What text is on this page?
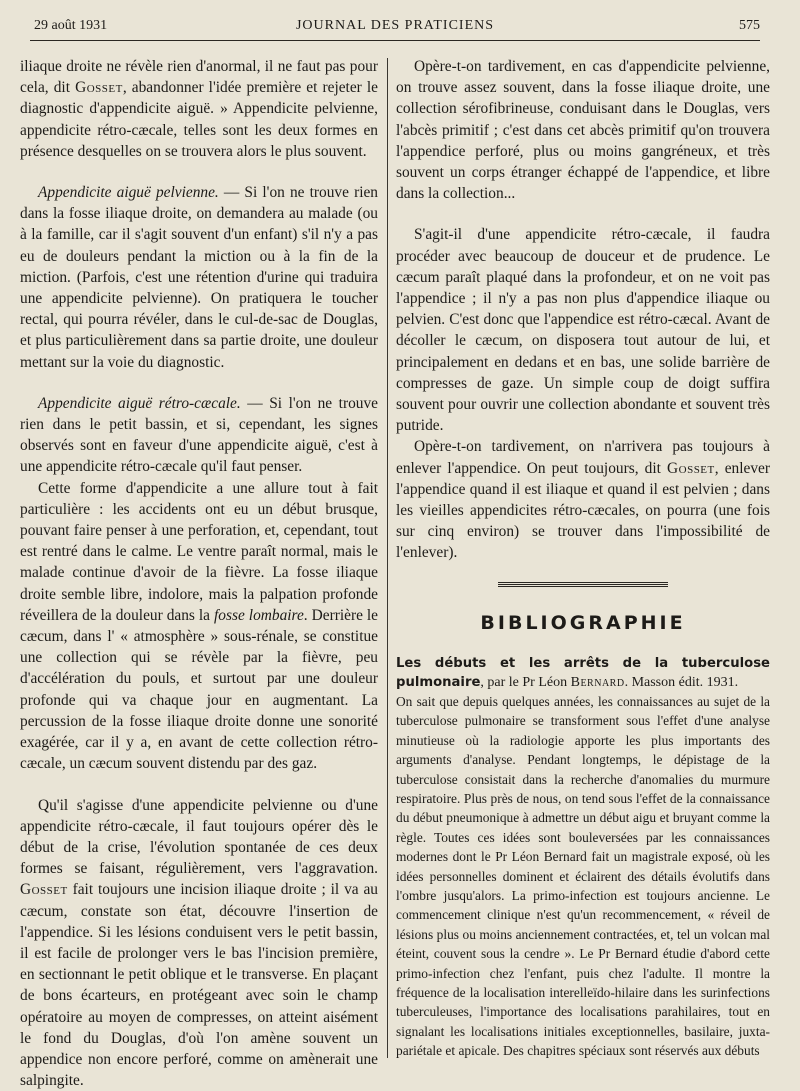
29 août 1931	JOURNAL DES PRATICIENS	575

iliaque droite ne révèle rien d'anormal, il ne faut pas pour cela, dit Gosset, abandonner l'idée première et rejeter le diagnostic d'appendicite aiguë. » Appendicite pelvienne, appendicite rétro-cæcale, telles sont les deux formes en présence desquelles on se trouvera alors le plus souvent.

Appendicite aiguë pelvienne. — Si l'on ne trouve rien dans la fosse iliaque droite, on demandera au malade (ou à la famille, car il s'agit souvent d'un enfant) s'il n'y a pas eu de douleurs pendant la miction ou à la fin de la miction. (Parfois, c'est une rétention d'urine qui traduira une appendicite pelvienne). On pratiquera le toucher rectal, qui pourra révéler, dans le cul-de-sac de Douglas, et plus particulièrement dans sa partie droite, une douleur mettant sur la voie du diagnostic.

Appendicite aiguë rétro-cæcale. — Si l'on ne trouve rien dans le petit bassin, et si, cependant, les signes observés sont en faveur d'une appendicite aiguë, c'est à une appendicite rétro-cæcale qu'il faut penser.

Cette forme d'appendicite a une allure tout à fait particulière : les accidents ont eu un début brusque, pouvant faire penser à une perforation, et, cependant, tout est rentré dans le calme. Le ventre paraît normal, mais le malade continue d'avoir de la fièvre. La fosse iliaque droite semble libre, indolore, mais la palpation profonde réveillera de la douleur dans la fosse lombaire. Derrière le cæcum, dans l' « atmosphère » sous-rénale, se constitue une collection qui se révèle par la fièvre, peu d'accélération du pouls, et surtout par une douleur profonde qui va chaque jour en augmentant. La percussion de la fosse iliaque droite donne une sonorité exagérée, car il y a, en avant de cette collection rétro-cæcale, un cæcum souvent distendu par des gaz.

Qu'il s'agisse d'une appendicite pelvienne ou d'une appendicite rétro-cæcale, il faut toujours opérer dès le début de la crise, l'évolution spontanée de ces deux formes se faisant, régulièrement, vers l'aggravation. Gosset fait toujours une incision iliaque droite ; il va au cæcum, constate son état, découvre l'insertion de l'appendice. Si les lésions conduisent vers le petit bassin, il est facile de prolonger vers le bas l'incision première, en sectionnant le petit oblique et le transverse. En plaçant de bons écarteurs, en protégeant avec soin le champ opératoire au moyen de compresses, on atteint aisément le fond du Douglas, d'où l'on amène souvent un appendice non encore perforé, comme on amènerait une salpingite.

Opère-t-on tardivement, en cas d'appendicite pelvienne, on trouve assez souvent, dans la fosse iliaque droite, une collection sérofibrineuse, conduisant dans le Douglas, vers l'abcès primitif ; c'est dans cet abcès primitif qu'on trouvera l'appendice perforé, plus ou moins gangréneux, et très souvent un corps étranger échappé de l'appendice, et libre dans la collection...

S'agit-il d'une appendicite rétro-cæcale, il faudra procéder avec beaucoup de douceur et de prudence. Le cæcum paraît plaqué dans la profondeur, et on ne voit pas l'appendice ; il n'y a pas non plus d'appendice iliaque ou pelvien. C'est donc que l'appendice est rétro-cæcal. Avant de décoller le cæcum, on disposera tout autour de lui, et principalement en dedans et en bas, une solide barrière de compresses de gaze. Un simple coup de doigt suffira souvent pour ouvrir une collection abondante et souvent très putride.

Opère-t-on tardivement, on n'arrivera pas toujours à enlever l'appendice. On peut toujours, dit Gosset, enlever l'appendice quand il est iliaque et quand il est pelvien ; dans les vieilles appendicites rétro-cæcales, on pourra (une fois sur cinq environ) se trouver dans l'impossibilité de l'enlever).

BIBLIOGRAPHIE

Les débuts et les arrêts de la tuberculose pulmonaire, par le Pr Léon Bernard. Masson édit. 1931.

On sait que depuis quelques années, les connaissances au sujet de la tuberculose pulmonaire se transforment sous l'effet d'une analyse minutieuse où la radiologie apporte les plus importants des arguments d'analyse. Pendant longtemps, le dépistage de la tuberculose consistait dans la recherche d'anomalies du murmure respiratoire. Plus près de nous, on tend sous l'effet de la connaissance du début pneumonique à admettre un début aigu et bruyant comme la règle. Toutes ces idées sont bouleversées par les connaissances modernes dont le Pr Léon Bernard fait un magistrale exposé, où les idées personnelles dominent et éclairent des détails évolutifs dans l'ombre jusqu'alors. La primo-infection est toujours ancienne. Le commencement clinique n'est qu'un recommencement, « réveil de lésions plus ou moins anciennement contractées, et, tel un volcan mal éteint, couvent sous la cendre ». Le Pr Bernard étudie d'abord cette primo-infection chez l'enfant, puis chez l'adulte. Il montre la fréquence de la localisation interelleïdo-hilaire dans les surinfections tuberculeuses, l'importance des localisations parahilaires, tout en signalant les localisations initiales exceptionnelles, basilaire, juxta-pariétale et apicale. Des chapitres spéciaux sont réservés aux débuts
